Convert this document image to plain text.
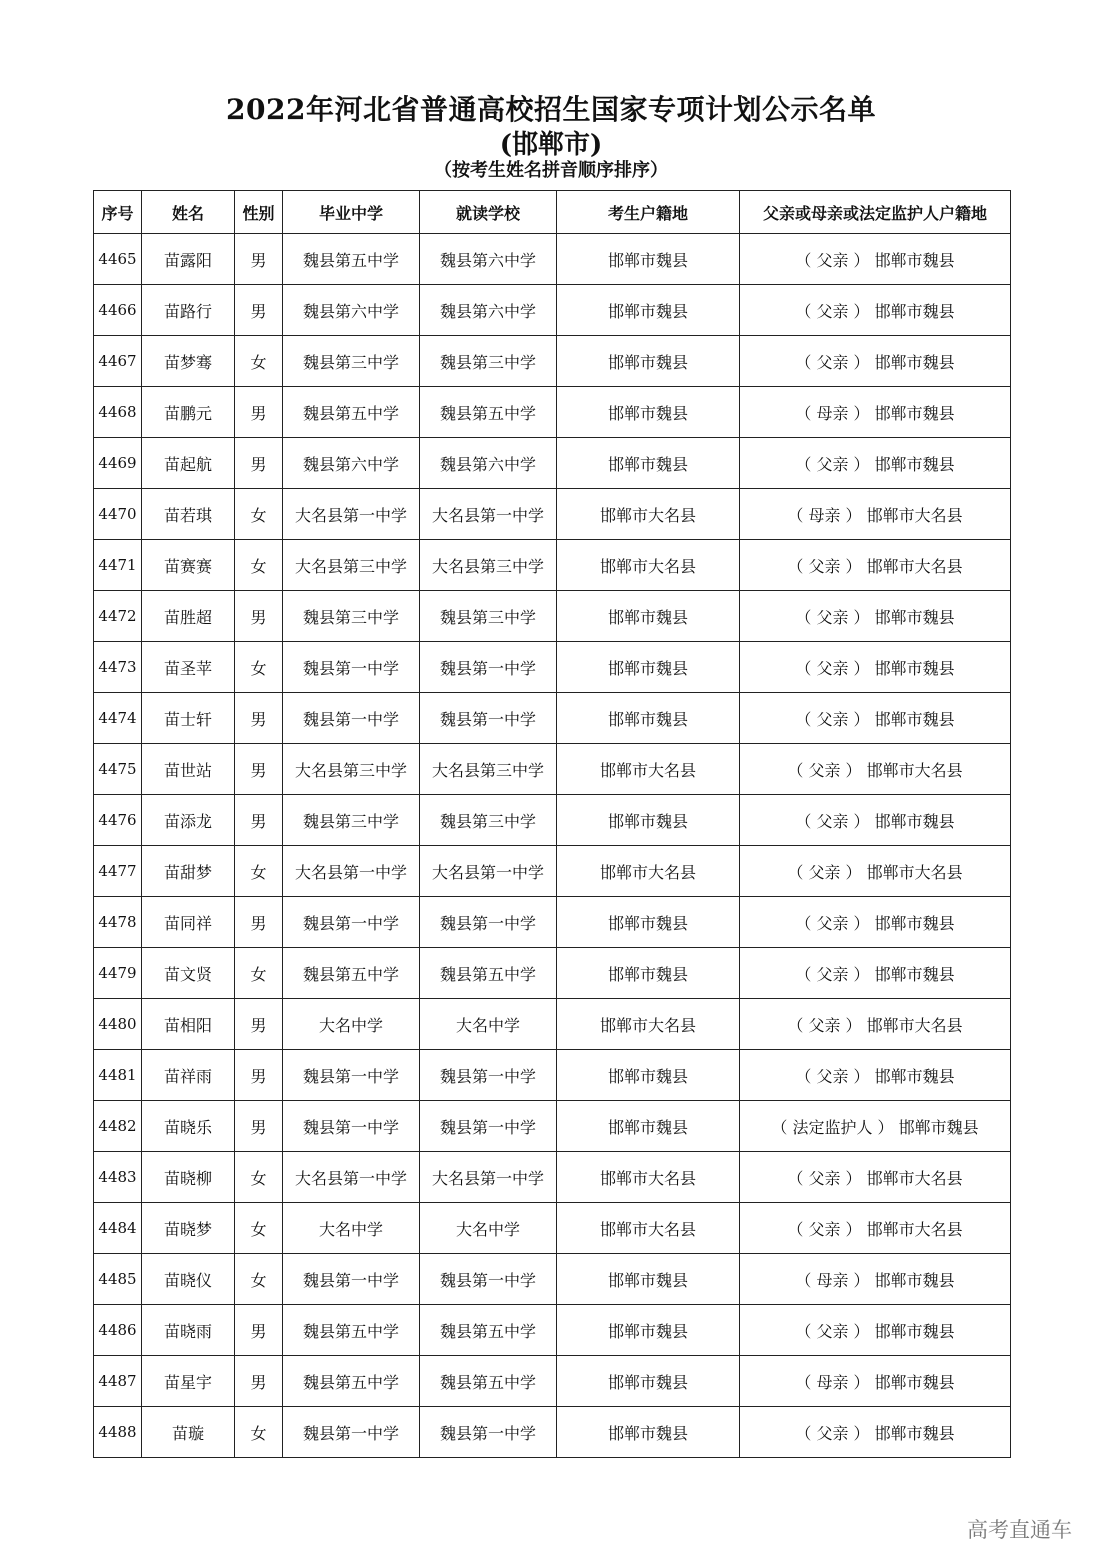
2022年河北省普通高校招生国家专项计划公示名单
(邯郸市)
（按考生姓名拼音顺序排序）
序号	姓名	性别	毕业中学	就读学校	考生户籍地	父亲或母亲或法定监护人户籍地
4465	苗露阳	男	魏县第五中学	魏县第六中学	邯郸市魏县	（ 父亲 ） 邯郸市魏县
4466	苗路行	男	魏县第六中学	魏县第六中学	邯郸市魏县	（ 父亲 ） 邯郸市魏县
4467	苗梦骞	女	魏县第三中学	魏县第三中学	邯郸市魏县	（ 父亲 ） 邯郸市魏县
4468	苗鹏元	男	魏县第五中学	魏县第五中学	邯郸市魏县	（ 母亲 ） 邯郸市魏县
4469	苗起航	男	魏县第六中学	魏县第六中学	邯郸市魏县	（ 父亲 ） 邯郸市魏县
4470	苗若琪	女	大名县第一中学	大名县第一中学	邯郸市大名县	（ 母亲 ） 邯郸市大名县
4471	苗赛赛	女	大名县第三中学	大名县第三中学	邯郸市大名县	（ 父亲 ） 邯郸市大名县
4472	苗胜超	男	魏县第三中学	魏县第三中学	邯郸市魏县	（ 父亲 ） 邯郸市魏县
4473	苗圣苹	女	魏县第一中学	魏县第一中学	邯郸市魏县	（ 父亲 ） 邯郸市魏县
4474	苗士轩	男	魏县第一中学	魏县第一中学	邯郸市魏县	（ 父亲 ） 邯郸市魏县
4475	苗世站	男	大名县第三中学	大名县第三中学	邯郸市大名县	（ 父亲 ） 邯郸市大名县
4476	苗添龙	男	魏县第三中学	魏县第三中学	邯郸市魏县	（ 父亲 ） 邯郸市魏县
4477	苗甜梦	女	大名县第一中学	大名县第一中学	邯郸市大名县	（ 父亲 ） 邯郸市大名县
4478	苗同祥	男	魏县第一中学	魏县第一中学	邯郸市魏县	（ 父亲 ） 邯郸市魏县
4479	苗文贤	女	魏县第五中学	魏县第五中学	邯郸市魏县	（ 父亲 ） 邯郸市魏县
4480	苗相阳	男	大名中学	大名中学	邯郸市大名县	（ 父亲 ） 邯郸市大名县
4481	苗祥雨	男	魏县第一中学	魏县第一中学	邯郸市魏县	（ 父亲 ） 邯郸市魏县
4482	苗晓乐	男	魏县第一中学	魏县第一中学	邯郸市魏县	（ 法定监护人 ） 邯郸市魏县
4483	苗晓柳	女	大名县第一中学	大名县第一中学	邯郸市大名县	（ 父亲 ） 邯郸市大名县
4484	苗晓梦	女	大名中学	大名中学	邯郸市大名县	（ 父亲 ） 邯郸市大名县
4485	苗晓仪	女	魏县第一中学	魏县第一中学	邯郸市魏县	（ 母亲 ） 邯郸市魏县
4486	苗晓雨	男	魏县第五中学	魏县第五中学	邯郸市魏县	（ 父亲 ） 邯郸市魏县
4487	苗星宇	男	魏县第五中学	魏县第五中学	邯郸市魏县	（ 母亲 ） 邯郸市魏县
4488	苗璇	女	魏县第一中学	魏县第一中学	邯郸市魏县	（ 父亲 ） 邯郸市魏县
高考直通车
